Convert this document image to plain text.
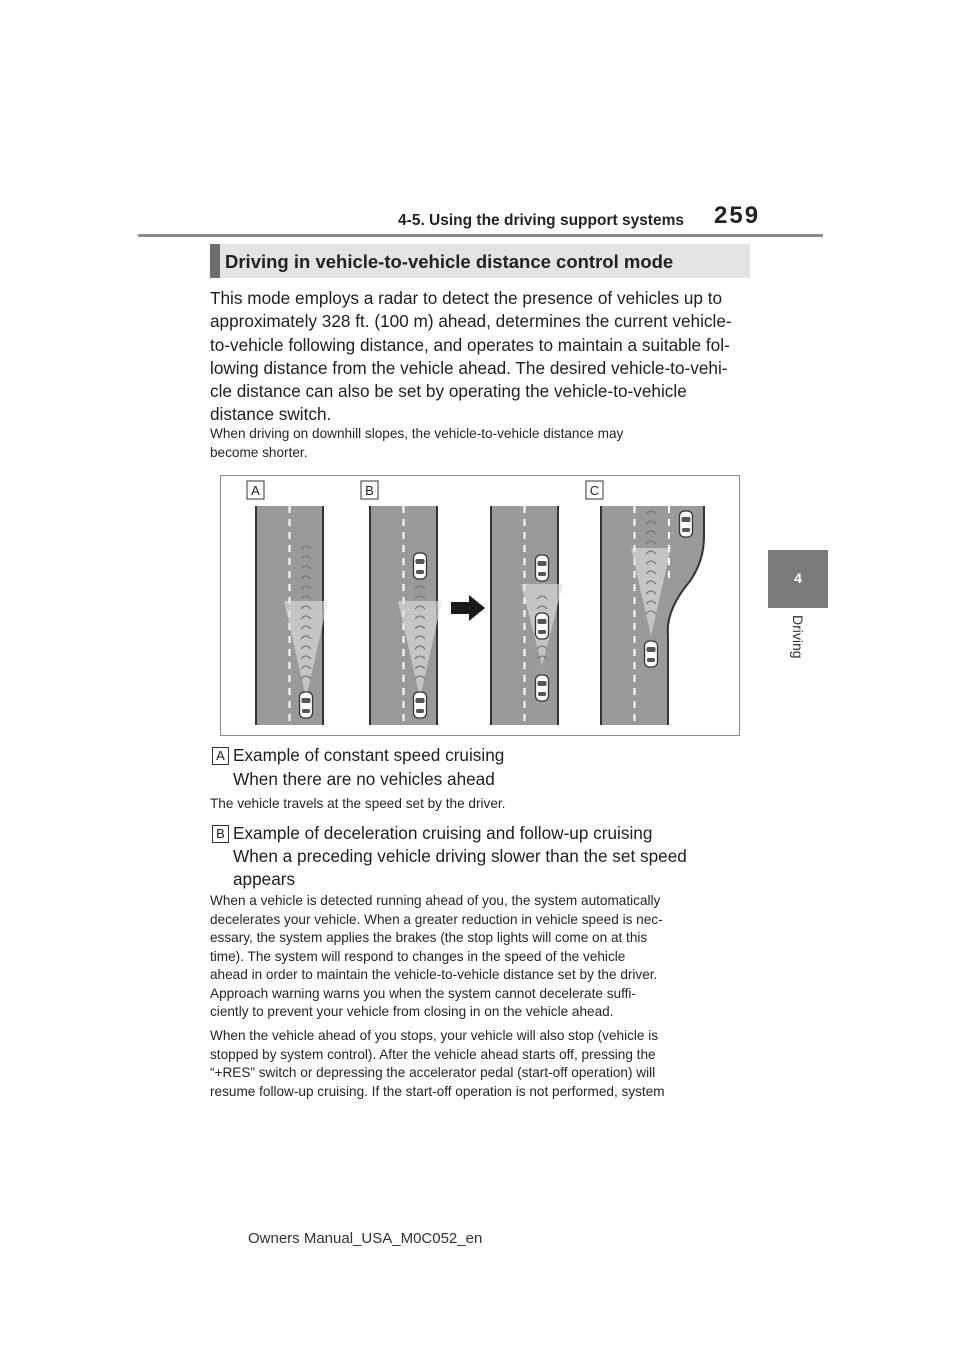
4-5. Using the driving support systems 259
4
Driving
Driving in vehicle-to-vehicle distance control mode
This mode employs a radar to detect the presence of vehicles up to
approximately 328 ft. (100 m) ahead, determines the current vehicle-
to-vehicle following distance, and operates to maintain a suitable fol-
lowing distance from the vehicle ahead. The desired vehicle-to-vehi-
cle distance can also be set by operating the vehicle-to-vehicle
distance switch.
When driving on downhill slopes, the vehicle-to-vehicle distance may
become shorter.
A	B	C
A Example of constant speed cruising
When there are no vehicles ahead
The vehicle travels at the speed set by the driver.
B Example of deceleration cruising and follow-up cruising
When a preceding vehicle driving slower than the set speed
appears
When a vehicle is detected running ahead of you, the system automatically
decelerates your vehicle. When a greater reduction in vehicle speed is nec-
essary, the system applies the brakes (the stop lights will come on at this
time). The system will respond to changes in the speed of the vehicle
ahead in order to maintain the vehicle-to-vehicle distance set by the driver.
Approach warning warns you when the system cannot decelerate suffi-
ciently to prevent your vehicle from closing in on the vehicle ahead.
When the vehicle ahead of you stops, your vehicle will also stop (vehicle is
stopped by system control). After the vehicle ahead starts off, pressing the
“+RES” switch or depressing the accelerator pedal (start-off operation) will
resume follow-up cruising. If the start-off operation is not performed, system
Owners Manual_USA_M0C052_en
